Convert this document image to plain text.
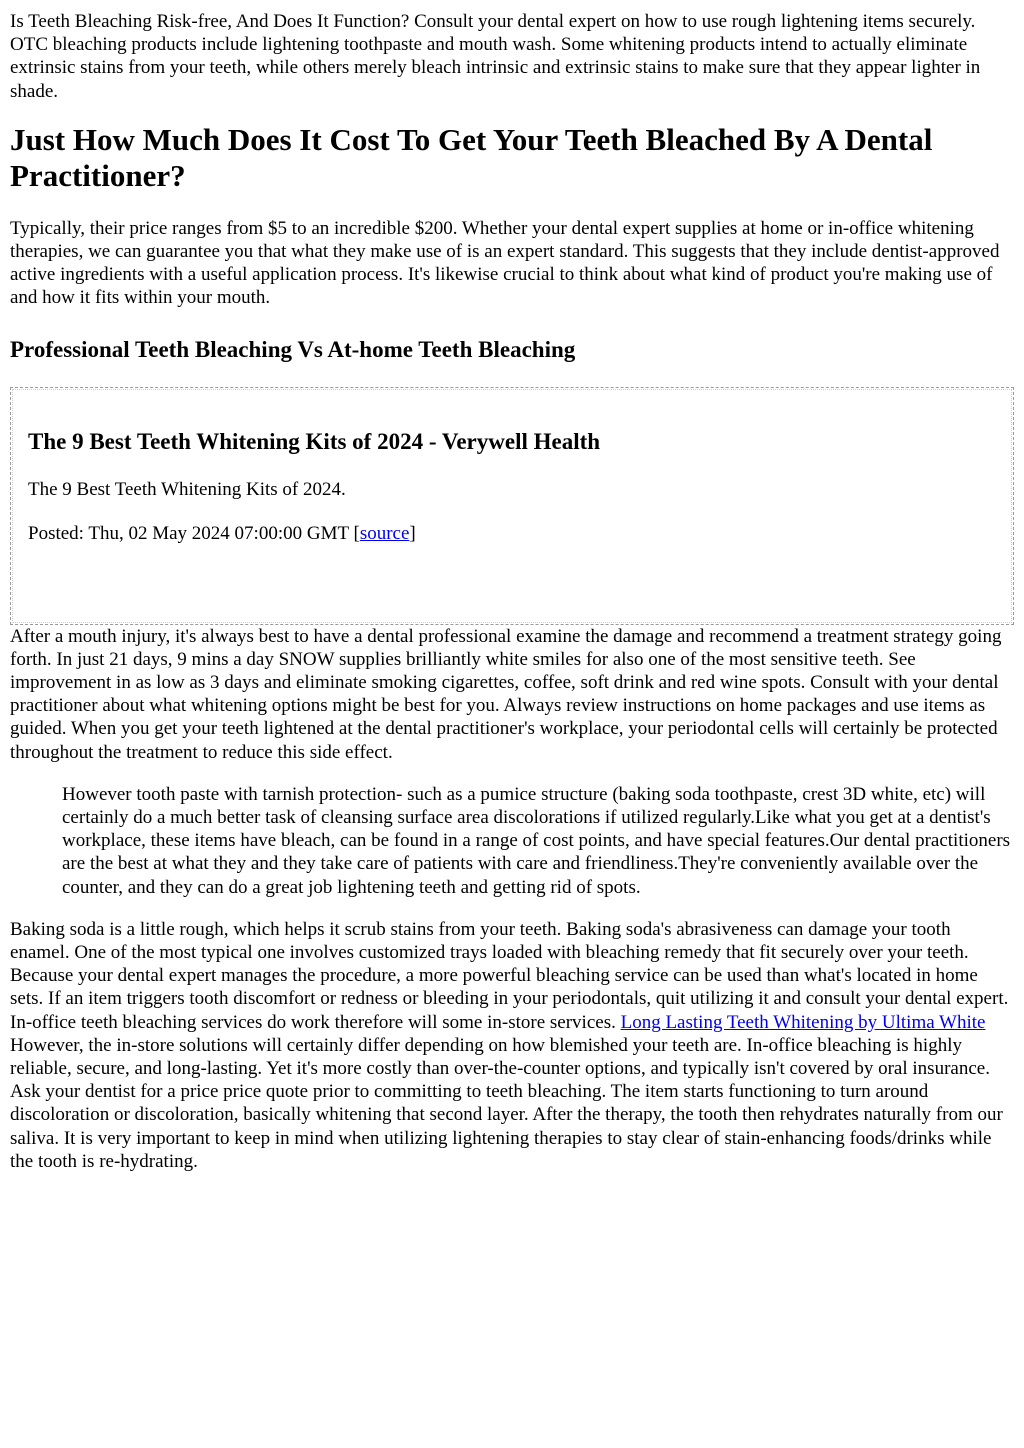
Is Teeth Bleaching Risk-free, And Does It Function? Consult your dental expert on how to use rough lightening items securely. OTC bleaching products include lightening toothpaste and mouth wash. Some whitening products intend to actually eliminate extrinsic stains from your teeth, while others merely bleach intrinsic and extrinsic stains to make sure that they appear lighter in shade.

Just How Much Does It Cost To Get Your Teeth Bleached By A Dental Practitioner?

Typically, their price ranges from $5 to an incredible $200. Whether your dental expert supplies at home or in-office whitening therapies, we can guarantee you that what they make use of is an expert standard. This suggests that they include dentist-approved active ingredients with a useful application process. It's likewise crucial to think about what kind of product you're making use of and how it fits within your mouth.

Professional Teeth Bleaching Vs At-home Teeth Bleaching
The 9 Best Teeth Whitening Kits of 2024 - Verywell Health

The 9 Best Teeth Whitening Kits of 2024.

Posted: Thu, 02 May 2024 07:00:00 GMT [source]

After a mouth injury, it's always best to have a dental professional examine the damage and recommend a treatment strategy going forth. In just 21 days, 9 mins a day SNOW supplies brilliantly white smiles for also one of the most sensitive teeth. See improvement in as low as 3 days and eliminate smoking cigarettes, coffee, soft drink and red wine spots. Consult with your dental practitioner about what whitening options might be best for you. Always review instructions on home packages and use items as guided. When you get your teeth lightened at the dental practitioner's workplace, your periodontal cells will certainly be protected throughout the treatment to reduce this side effect.

However tooth paste with tarnish protection- such as a pumice structure (baking soda toothpaste, crest 3D white, etc) will certainly do a much better task of cleansing surface area discolorations if utilized regularly.Like what you get at a dentist's workplace, these items have bleach, can be found in a range of cost points, and have special features.Our dental practitioners are the best at what they and they take care of patients with care and friendliness.They're conveniently available over the counter, and they can do a great job lightening teeth and getting rid of spots.

Baking soda is a little rough, which helps it scrub stains from your teeth. Baking soda's abrasiveness can damage your tooth enamel. One of the most typical one involves customized trays loaded with bleaching remedy that fit securely over your teeth. Because your dental expert manages the procedure, a more powerful bleaching service can be used than what's located in home sets. If an item triggers tooth discomfort or redness or bleeding in your periodontals, quit utilizing it and consult your dental expert. In-office teeth bleaching services do work therefore will some in-store services. Long Lasting Teeth Whitening by Ultima White However, the in-store solutions will certainly differ depending on how blemished your teeth are. In-office bleaching is highly reliable, secure, and long-lasting. Yet it's more costly than over-the-counter options, and typically isn't covered by oral insurance. Ask your dentist for a price price quote prior to committing to teeth bleaching. The item starts functioning to turn around discoloration or discoloration, basically whitening that second layer. After the therapy, the tooth then rehydrates naturally from our saliva. It is very important to keep in mind when utilizing lightening therapies to stay clear of stain-enhancing foods/drinks while the tooth is re-hydrating.
